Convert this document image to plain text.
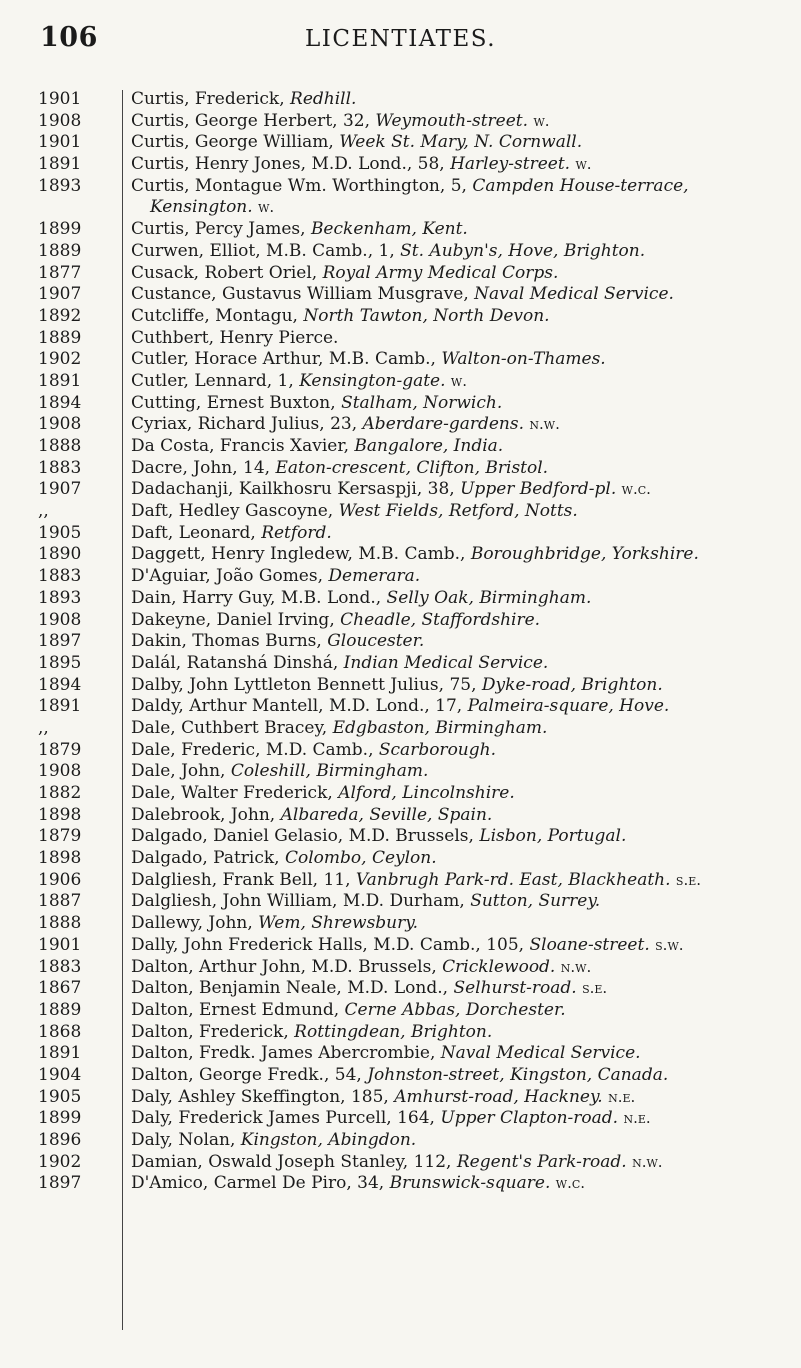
106	LICENTIATES.
1901	Curtis, Frederick, Redhill.
1908	Curtis, George Herbert, 32, Weymouth-street. w.
1901	Curtis, George William, Week St. Mary, N. Cornwall.
1891	Curtis, Henry Jones, M.D. Lond., 58, Harley-street. w.
1893	Curtis, Montague Wm. Worthington, 5, Campden House-terrace,
Kensington. w.
1899	Curtis, Percy James, Beckenham, Kent.
1889	Curwen, Elliot, M.B. Camb., 1, St. Aubyn's, Hove, Brighton.
1877	Cusack, Robert Oriel, Royal Army Medical Corps.
1907	Custance, Gustavus William Musgrave, Naval Medical Service.
1892	Cutcliffe, Montagu, North Tawton, North Devon.
1889	Cuthbert, Henry Pierce.
1902	Cutler, Horace Arthur, M.B. Camb., Walton-on-Thames.
1891	Cutler, Lennard, 1, Kensington-gate. w.
1894	Cutting, Ernest Buxton, Stalham, Norwich.
1908	Cyriax, Richard Julius, 23, Aberdare-gardens. n.w.
1888	Da Costa, Francis Xavier, Bangalore, India.
1883	Dacre, John, 14, Eaton-crescent, Clifton, Bristol.
1907	Dadachanji, Kailkhosru Kersaspji, 38, Upper Bedford-pl. w.c.
,,	Daft, Hedley Gascoyne, West Fields, Retford, Notts.
1905	Daft, Leonard, Retford.
1890	Daggett, Henry Ingledew, M.B. Camb., Boroughbridge, Yorkshire.
1883	D'Aguiar, João Gomes, Demerara.
1893	Dain, Harry Guy, M.B. Lond., Selly Oak, Birmingham.
1908	Dakeyne, Daniel Irving, Cheadle, Staffordshire.
1897	Dakin, Thomas Burns, Gloucester.
1895	Dalál, Ratanshá Dinshá, Indian Medical Service.
1894	Dalby, John Lyttleton Bennett Julius, 75, Dyke-road, Brighton.
1891	Daldy, Arthur Mantell, M.D. Lond., 17, Palmeira-square, Hove.
,,	Dale, Cuthbert Bracey, Edgbaston, Birmingham.
1879	Dale, Frederic, M.D. Camb., Scarborough.
1908	Dale, John, Coleshill, Birmingham.
1882	Dale, Walter Frederick, Alford, Lincolnshire.
1898	Dalebrook, John, Albareda, Seville, Spain.
1879	Dalgado, Daniel Gelasio, M.D. Brussels, Lisbon, Portugal.
1898	Dalgado, Patrick, Colombo, Ceylon.
1906	Dalgliesh, Frank Bell, 11, Vanbrugh Park-rd. East, Blackheath. s.e.
1887	Dalgliesh, John William, M.D. Durham, Sutton, Surrey.
1888	Dallewy, John, Wem, Shrewsbury.
1901	Dally, John Frederick Halls, M.D. Camb., 105, Sloane-street. s.w.
1883	Dalton, Arthur John, M.D. Brussels, Cricklewood. n.w.
1867	Dalton, Benjamin Neale, M.D. Lond., Selhurst-road. s.e.
1889	Dalton, Ernest Edmund, Cerne Abbas, Dorchester.
1868	Dalton, Frederick, Rottingdean, Brighton.
1891	Dalton, Fredk. James Abercrombie, Naval Medical Service.
1904	Dalton, George Fredk., 54, Johnston-street, Kingston, Canada.
1905	Daly, Ashley Skeffington, 185, Amhurst-road, Hackney. n.e.
1899	Daly, Frederick James Purcell, 164, Upper Clapton-road. n.e.
1896	Daly, Nolan, Kingston, Abingdon.
1902	Damian, Oswald Joseph Stanley, 112, Regent's Park-road. n.w.
1897	D'Amico, Carmel De Piro, 34, Brunswick-square. w.c.
